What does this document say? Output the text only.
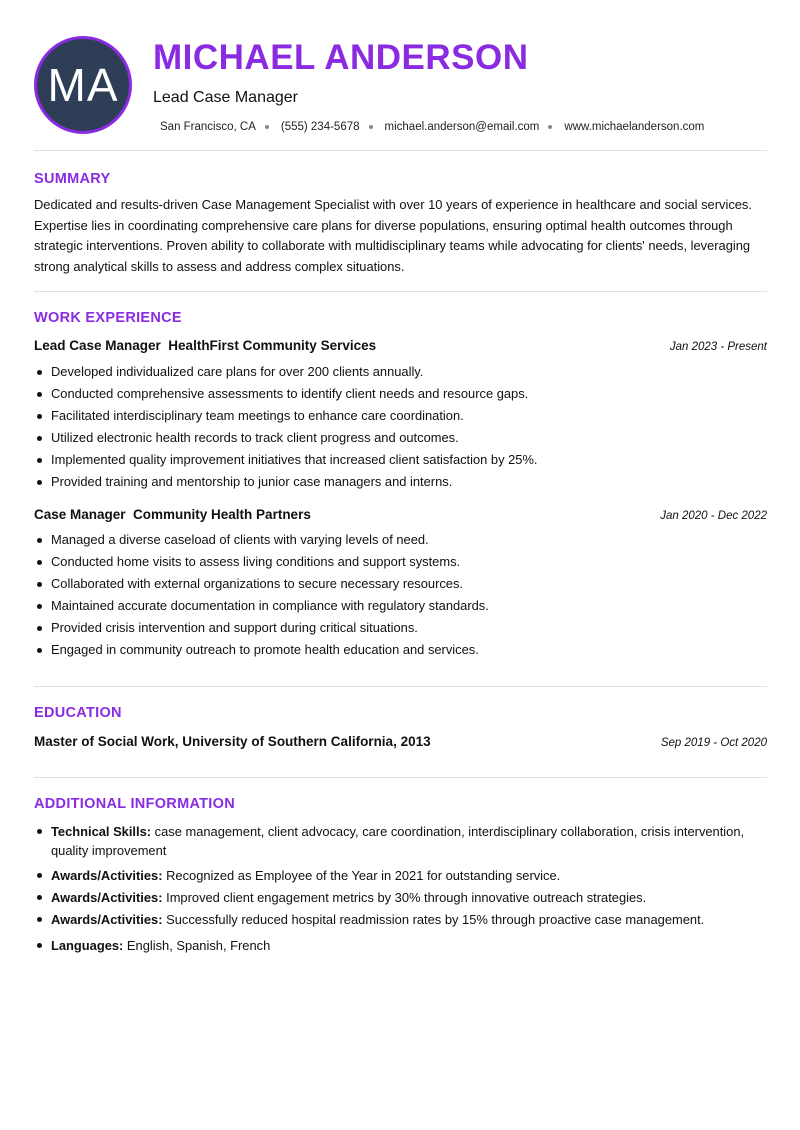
MA
MICHAEL ANDERSON
Lead Case Manager
San Francisco, CA (555) 234-5678 michael.anderson@email.com www.michaelanderson.com
SUMMARY

Dedicated and results-driven Case Management Specialist with over 10 years of experience in healthcare and social services. Expertise lies in coordinating comprehensive care plans for diverse populations, ensuring optimal health outcomes through strategic interventions. Proven ability to collaborate with multidisciplinary teams while advocating for clients' needs, leveraging strong analytical skills to assess and address complex situations.

WORK EXPERIENCE
Lead Case Manager  HealthFirst Community Services	Jan 2023 - Present
Developed individualized care plans for over 200 clients annually.
Conducted comprehensive assessments to identify client needs and resource gaps.
Facilitated interdisciplinary team meetings to enhance care coordination.
Utilized electronic health records to track client progress and outcomes.
Implemented quality improvement initiatives that increased client satisfaction by 25%.
Provided training and mentorship to junior case managers and interns.
Case Manager  Community Health Partners	Jan 2020 - Dec 2022
Managed a diverse caseload of clients with varying levels of need.
Conducted home visits to assess living conditions and support systems.
Collaborated with external organizations to secure necessary resources.
Maintained accurate documentation in compliance with regulatory standards.
Provided crisis intervention and support during critical situations.
Engaged in community outreach to promote health education and services.
EDUCATION
Master of Social Work, University of Southern California, 2013	Sep 2019 - Oct 2020
ADDITIONAL INFORMATION
Technical Skills: case management, client advocacy, care coordination, interdisciplinary collaboration, crisis intervention, quality improvement
Awards/Activities: Recognized as Employee of the Year in 2021 for outstanding service.
Awards/Activities: Improved client engagement metrics by 30% through innovative outreach strategies.
Awards/Activities: Successfully reduced hospital readmission rates by 15% through proactive case management.
Languages: English, Spanish, French
